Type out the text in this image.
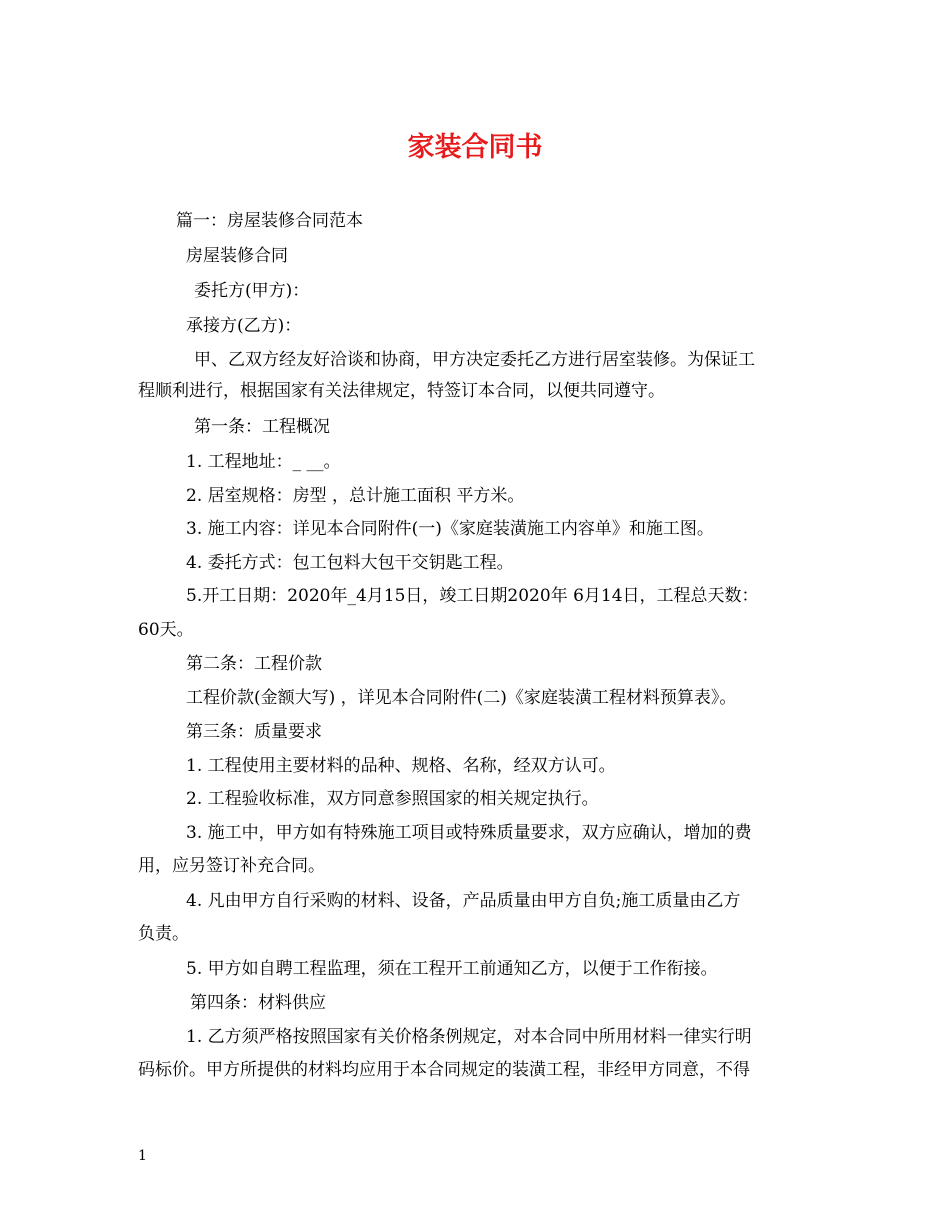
家装合同书

篇一：房屋装修合同范本

房屋装修合同

委托方(甲方)：

承接方(乙方)：

甲、乙双方经友好洽谈和协商，甲方决定委托乙方进行居室装修。为保证工

程顺利进行，根据国家有关法律规定，特签订本合同，以便共同遵守。

第一条：工程概况

1. 工程地址：_ __。

2. 居室规格：房型 ，总计施工面积 平方米。

3. 施工内容：详见本合同附件(一)《家庭装潢施工内容单》和施工图。

4. 委托方式：包工包料大包干交钥匙工程。

5.开工日期：2020年_4月15日，竣工日期2020年 6月14日，工程总天数：

60天。

第二条：工程价款

工程价款(金额大写) ，详见本合同附件(二)《家庭装潢工程材料预算表》。

第三条：质量要求

1. 工程使用主要材料的品种、规格、名称，经双方认可。

2. 工程验收标准，双方同意参照国家的相关规定执行。

3. 施工中，甲方如有特殊施工项目或特殊质量要求，双方应确认，增加的费

用，应另签订补充合同。

4. 凡由甲方自行采购的材料、设备，产品质量由甲方自负;施工质量由乙方

负责。

5. 甲方如自聘工程监理，须在工程开工前通知乙方，以便于工作衔接。

第四条：材料供应

1. 乙方须严格按照国家有关价格条例规定，对本合同中所用材料一律实行明

码标价。甲方所提供的材料均应用于本合同规定的装潢工程，非经甲方同意，不得

1
